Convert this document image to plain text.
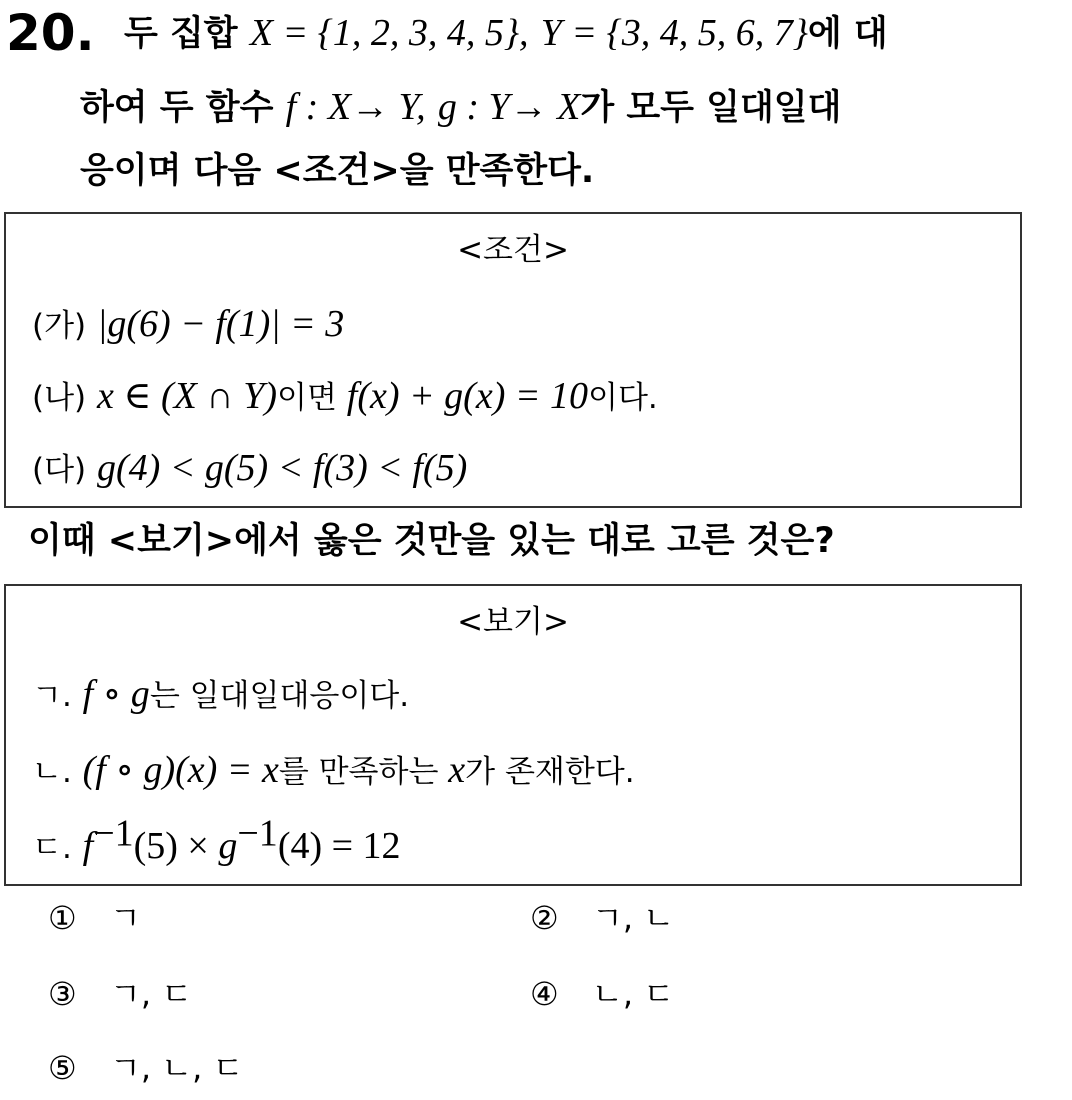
20. 두 집합 X = {1, 2, 3, 4, 5}, Y = {3, 4, 5, 6, 7}에 대
하여 두 함수 f : X→ Y, g : Y→ X가 모두 일대일대
응이며 다음 <조건>을 만족한다.
<조건>
(가) |g(6) − f(1)| = 3
(나) x ∈ (X ∩ Y)이면 f(x) + g(x) = 10이다.
(다) g(4) < g(5) < f(3) < f(5)
이때 <보기>에서 옳은 것만을 있는 대로 고른 것은?
<보기>
ㄱ. f ∘ g는 일대일대응이다.
ㄴ. (f ∘ g)(x) = x를 만족하는 x가 존재한다.
ㄷ. $f^{-1}(5) \times g^{-1}(4) = 12$
① ㄱ	② ㄱ, ㄴ
③ ㄱ, ㄷ	④ ㄴ, ㄷ
⑤ ㄱ, ㄴ, ㄷ
